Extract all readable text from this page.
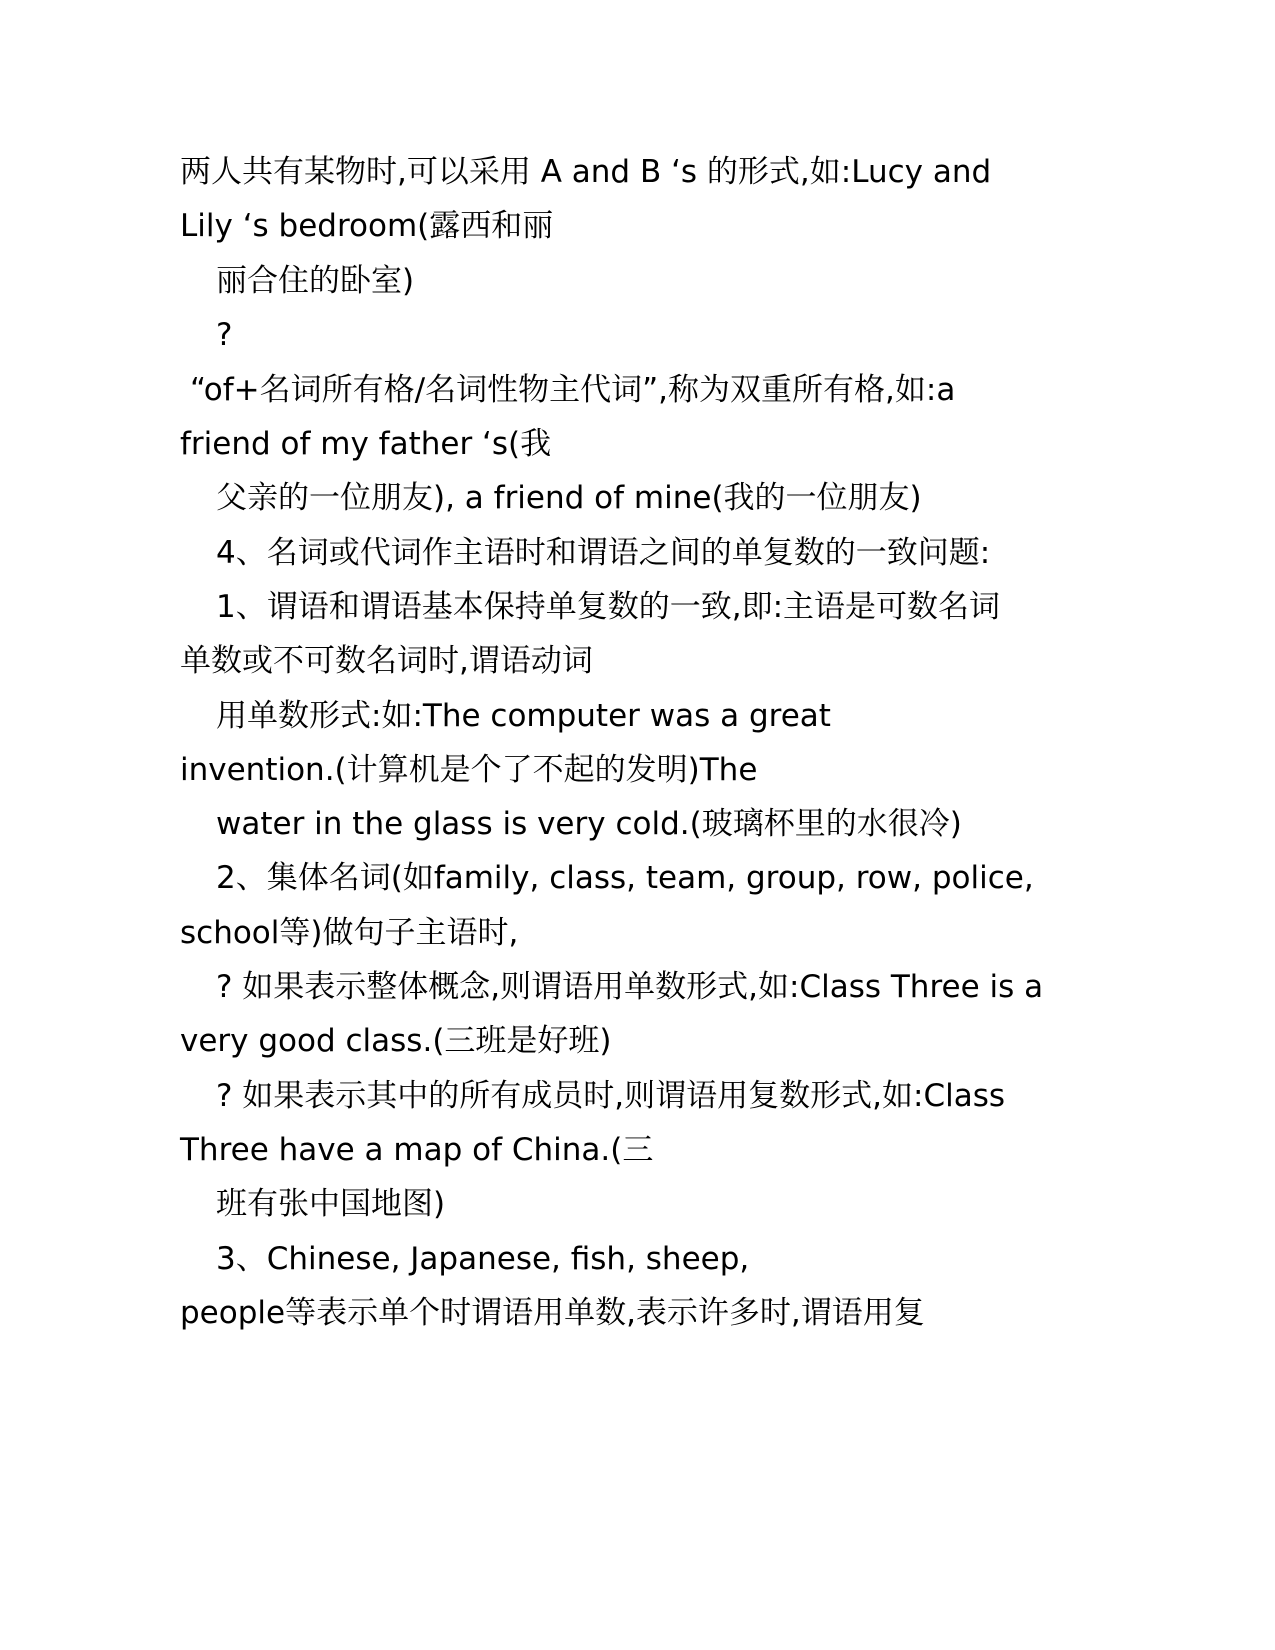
两人共有某物时,可以采用 A and B ‘s 的形式,如:Lucy and

Lily ‘s bedroom(露西和丽

丽合住的卧室)

?

“of+名词所有格/名词性物主代词”,称为双重所有格,如:a

friend of my father ‘s(我

父亲的一位朋友), a friend of mine(我的一位朋友)

4、名词或代词作主语时和谓语之间的单复数的一致问题:

1、谓语和谓语基本保持单复数的一致,即:主语是可数名词

单数或不可数名词时,谓语动词

用单数形式:如:The computer was a great

invention.(计算机是个了不起的发明)The

water in the glass is very cold.(玻璃杯里的水很冷)

2、集体名词(如family, class, team, group, row, police,

school等)做句子主语时,

? 如果表示整体概念,则谓语用单数形式,如:Class Three is a

very good class.(三班是好班)

? 如果表示其中的所有成员时,则谓语用复数形式,如:Class

Three have a map of China.(三

班有张中国地图)

3、Chinese, Japanese, fish, sheep,

people等表示单个时谓语用单数,表示许多时,谓语用复
